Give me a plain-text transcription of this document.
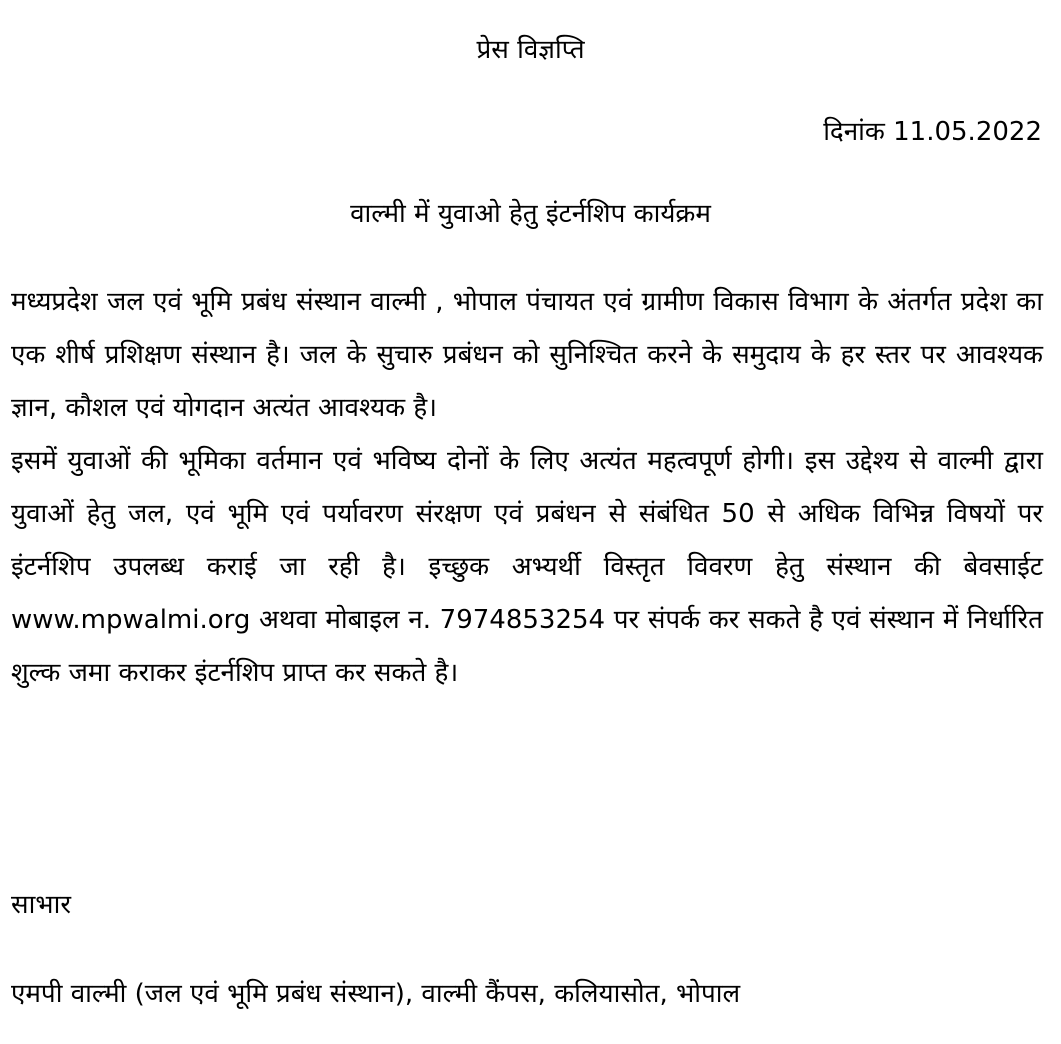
प्रेस विज्ञप्ति
दिनांक 11.05.2022
वाल्मी में युवाओ हेतु इंटर्नशिप कार्यक्रम

मध्यप्रदेश जल एवं भूमि प्रबंध संस्थान वाल्मी , भोपाल पंचायत एवं ग्रामीण विकास विभाग के अंतर्गत प्रदेश का एक शीर्ष प्रशिक्षण संस्थान है। जल के सुचारु प्रबंधन को सुनिश्चित करने के समुदाय के हर स्तर पर आवश्यक ज्ञान, कौशल एवं योगदान अत्यंत आवश्यक है।

इसमें युवाओं की भूमिका वर्तमान एवं भविष्य दोनों के लिए अत्यंत महत्वपूर्ण होगी। इस उद्देश्य से वाल्मी द्वारा युवाओं हेतु जल, एवं भूमि एवं पर्यावरण संरक्षण एवं प्रबंधन से संबंधित 50 से अधिक विभिन्न विषयों पर इंटर्नशिप उपलब्ध कराई जा रही है। इच्छुक अभ्यर्थी विस्तृत विवरण हेतु संस्थान की बेवसाईट www.mpwalmi.org अथवा मोबाइल न. 7974853254 पर संपर्क कर सकते है एवं संस्थान में निर्धारित शुल्क जमा कराकर इंटर्नशिप प्राप्त कर सकते है।

साभार
एमपी वाल्मी (जल एवं भूमि प्रबंध संस्थान), वाल्मी कैंपस, कलियासोत, भोपाल
